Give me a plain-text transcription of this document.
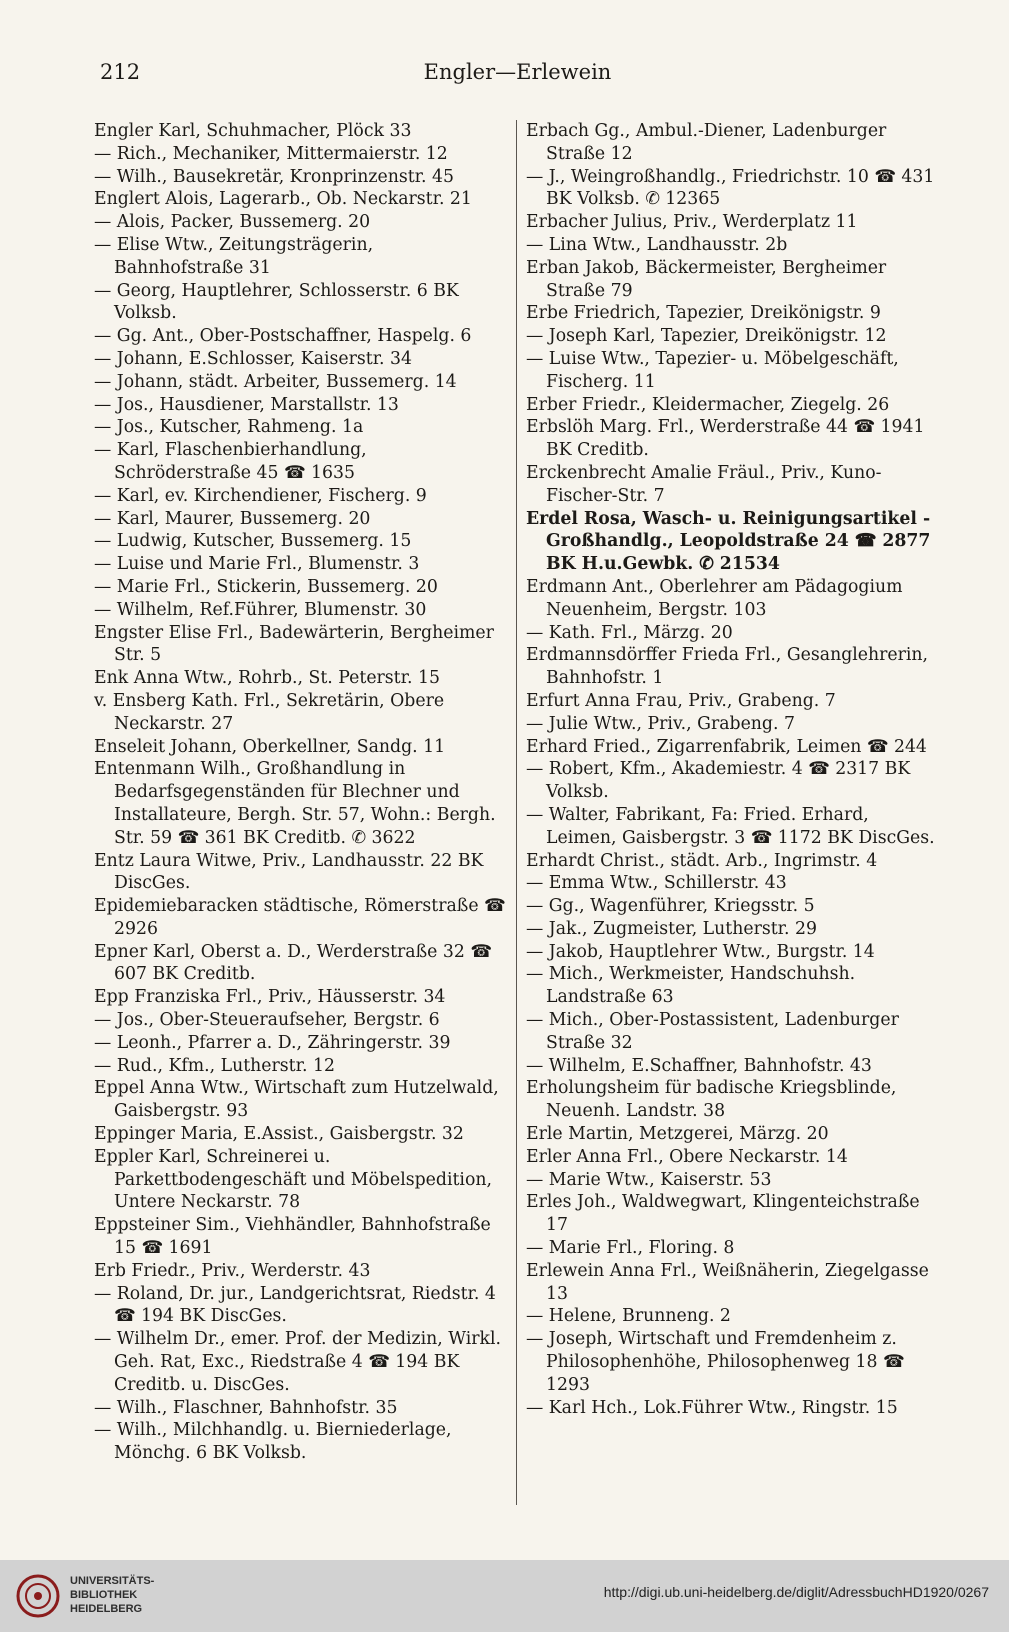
212	Engler—Erlewein
Engler Karl, Schuhmacher, Plöck 33
— Rich., Mechaniker, Mittermaierstr. 12
— Wilh., Bausekretär, Kronprinzenstr. 45
Englert Alois, Lagerarb., Ob. Neckarstr. 21
— Alois, Packer, Bussemerg. 20
— Elise Wtw., Zeitungsträgerin, Bahnhofstraße 31
— Georg, Hauptlehrer, Schlosserstr. 6 BK Volksb.
— Gg. Ant., Ober-Postschaffner, Haspelg. 6
— Johann, E.Schlosser, Kaiserstr. 34
— Johann, städt. Arbeiter, Bussemerg. 14
— Jos., Hausdiener, Marstallstr. 13
— Jos., Kutscher, Rahmeng. 1a
— Karl, Flaschenbierhandlung, Schröderstraße 45 ☎ 1635
— Karl, ev. Kirchendiener, Fischerg. 9
— Karl, Maurer, Bussemerg. 20
— Ludwig, Kutscher, Bussemerg. 15
— Luise und Marie Frl., Blumenstr. 3
— Marie Frl., Stickerin, Bussemerg. 20
— Wilhelm, Ref.Führer, Blumenstr. 30
Engster Elise Frl., Badewärterin, Bergheimer Str. 5
Enk Anna Wtw., Rohrb., St. Peterstr. 15
v. Ensberg Kath. Frl., Sekretärin, Obere Neckarstr. 27
Enseleit Johann, Oberkellner, Sandg. 11
Entenmann Wilh., Großhandlung in Bedarfsgegenständen für Blechner und Installateure, Bergh. Str. 57, Wohn.: Bergh. Str. 59 ☎ 361 BK Creditb. ✆ 3622
Entz Laura Witwe, Priv., Landhausstr. 22 BK DiscGes.
Epidemiebaracken städtische, Römerstraße ☎ 2926
Epner Karl, Oberst a. D., Werderstraße 32 ☎ 607 BK Creditb.
Epp Franziska Frl., Priv., Häusserstr. 34
— Jos., Ober-Steueraufseher, Bergstr. 6
— Leonh., Pfarrer a. D., Zähringerstr. 39
— Rud., Kfm., Lutherstr. 12
Eppel Anna Wtw., Wirtschaft zum Hutzelwald, Gaisbergstr. 93
Eppinger Maria, E.Assist., Gaisbergstr. 32
Eppler Karl, Schreinerei u. Parkettbodengeschäft und Möbelspedition, Untere Neckarstr. 78
Eppsteiner Sim., Viehhändler, Bahnhofstraße 15 ☎ 1691
Erb Friedr., Priv., Werderstr. 43
— Roland, Dr. jur., Landgerichtsrat, Riedstr. 4 ☎ 194 BK DiscGes.
— Wilhelm Dr., emer. Prof. der Medizin, Wirkl. Geh. Rat, Exc., Riedstraße 4 ☎ 194 BK Creditb. u. DiscGes.
— Wilh., Flaschner, Bahnhofstr. 35
— Wilh., Milchhandlg. u. Bierniederlage, Mönchg. 6 BK Volksb.
Erbach Gg., Ambul.-Diener, Ladenburger Straße 12
— J., Weingroßhandlg., Friedrichstr. 10 ☎ 431 BK Volksb. ✆ 12365
Erbacher Julius, Priv., Werderplatz 11
— Lina Wtw., Landhausstr. 2b
Erban Jakob, Bäckermeister, Bergheimer Straße 79
Erbe Friedrich, Tapezier, Dreikönigstr. 9
— Joseph Karl, Tapezier, Dreikönigstr. 12
— Luise Wtw., Tapezier- u. Möbelgeschäft, Fischerg. 11
Erber Friedr., Kleidermacher, Ziegelg. 26
Erbslöh Marg. Frl., Werderstraße 44 ☎ 1941 BK Creditb.
Erckenbrecht Amalie Fräul., Priv., Kuno-Fischer-Str. 7
Erdel Rosa, Wasch- u. Reinigungsartikel - Großhandlg., Leopoldstraße 24 ☎ 2877 BK H.u.Gewbk. ✆ 21534
Erdmann Ant., Oberlehrer am Pädagogium Neuenheim, Bergstr. 103
— Kath. Frl., Märzg. 20
Erdmannsdörffer Frieda Frl., Gesanglehrerin, Bahnhofstr. 1
Erfurt Anna Frau, Priv., Grabeng. 7
— Julie Wtw., Priv., Grabeng. 7
Erhard Fried., Zigarrenfabrik, Leimen ☎ 244
— Robert, Kfm., Akademiestr. 4 ☎ 2317 BK Volksb.
— Walter, Fabrikant, Fa: Fried. Erhard, Leimen, Gaisbergstr. 3 ☎ 1172 BK DiscGes.
Erhardt Christ., städt. Arb., Ingrimstr. 4
— Emma Wtw., Schillerstr. 43
— Gg., Wagenführer, Kriegsstr. 5
— Jak., Zugmeister, Lutherstr. 29
— Jakob, Hauptlehrer Wtw., Burgstr. 14
— Mich., Werkmeister, Handschuhsh. Landstraße 63
— Mich., Ober-Postassistent, Ladenburger Straße 32
— Wilhelm, E.Schaffner, Bahnhofstr. 43
Erholungsheim für badische Kriegsblinde, Neuenh. Landstr. 38
Erle Martin, Metzgerei, Märzg. 20
Erler Anna Frl., Obere Neckarstr. 14
— Marie Wtw., Kaiserstr. 53
Erles Joh., Waldwegwart, Klingenteichstraße 17
— Marie Frl., Floring. 8
Erlewein Anna Frl., Weißnäherin, Ziegelgasse 13
— Helene, Brunneng. 2
— Joseph, Wirtschaft und Fremdenheim z. Philosophenhöhe, Philosophenweg 18 ☎ 1293
— Karl Hch., Lok.Führer Wtw., Ringstr. 15
UNIVERSITÄTS-
BIBLIOTHEK
HEIDELBERG
http://digi.ub.uni-heidelberg.de/diglit/AdressbuchHD1920/0267
